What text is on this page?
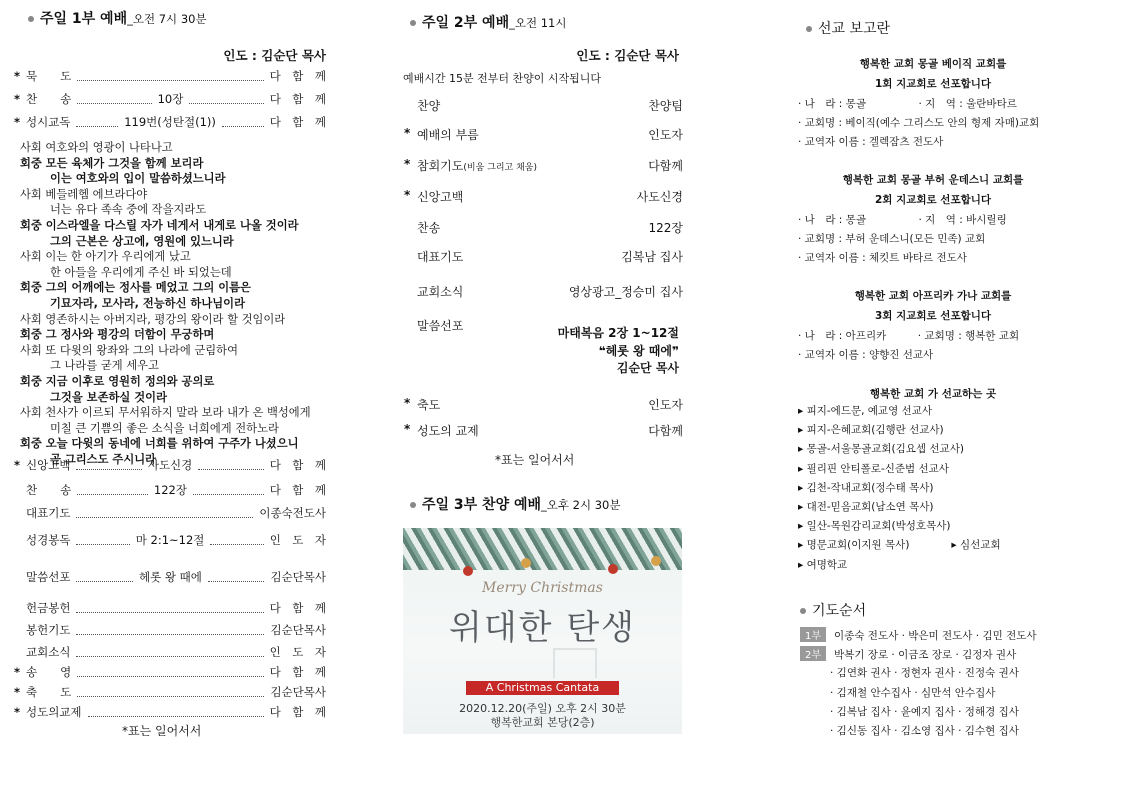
주일 1부 예배_오전 7시 30분
인도 : 김순단 목사
* 묵　　도	다　함　께
* 찬　　송	10장	다　함　께
* 성시교독	119번(성탄절(1))	다　함　께
사회 여호와의 영광이 나타나고
회중 모든 육체가 그것을 함께 보리라
이는 여호와의 입이 말씀하셨느니라
사회 베들레헴 에브라다야
너는 유다 족속 중에 작을지라도
회중 이스라엘을 다스릴 자가 네게서 내게로 나올 것이라
그의 근본은 상고에, 영원에 있느니라
사회 이는 한 아기가 우리에게 났고
한 아들을 우리에게 주신 바 되었는데
회중 그의 어깨에는 정사를 메었고 그의 이름은
기묘자라, 모사라, 전능하신 하나님이라
사회 영존하시는 아버지라, 평강의 왕이라 할 것임이라
회중 그 정사와 평강의 더함이 무궁하며
사회 또 다윗의 왕좌와 그의 나라에 군림하여
그 나라를 굳게 세우고
회중 지금 이후로 영원히 정의와 공의로
그것을 보존하실 것이라
사회 천사가 이르되 무서워하지 말라 보라 내가 온 백성에게
미칠 큰 기쁨의 좋은 소식을 너희에게 전하노라
회중 오늘 다윗의 동네에 너희를 위하여 구주가 나셨으니
곧 그리스도 주시니라
* 신앙고백	사도신경	다　함　께
찬　　송	122장	다　함　께
대표기도	이종숙전도사
성경봉독	마 2:1~12절	인　도　자
말씀선포	헤롯 왕 때에	김순단목사
헌금봉헌	다　함　께
봉헌기도	김순단목사
교회소식	인　도　자
* 송　　영	다　함　께
* 축　　도	김순단목사
* 성도의교제	다　함　께
*표는 일어서서
주일 2부 예배_오전 11시
인도 : 김순단 목사
예배시간 15분 전부터 찬양이 시작됩니다
찬양	찬양팀
* 예배의 부름	인도자
* 참회기도(비움 그리고 채움)	다함께
* 신앙고백	사도신경
찬송	122장
대표기도	김복남 집사
교회소식	영상광고_정승미 집사
말씀선포	마태복음 2장 1~12절
❝헤롯 왕 때에❞
김순단 목사
* 축도	인도자
* 성도의 교제	다함께
*표는 일어서서
주일 3부 찬양 예배_오후 2시 30분
Merry Christmas
위대한 탄생
A Christmas Cantata
2020.12.20(주일) 오후 2시 30분
행복한교회 본당(2층)
선교 보고란
행복한 교회 몽골 베이직 교회를
1회 지교회로 선포합니다
· 나　라 : 몽골　　　　　· 지　역 : 울란바타르
· 교회명 : 베이직(예수 그리스도 안의 형제 자매)교회
· 교역자 이름 : 겔렉잠츠 전도사
행복한 교회 몽골 부허 운데스니 교회를
2회 지교회로 선포합니다
· 나　라 : 몽골　　　　　· 지　역 : 바시릴링
· 교회명 : 부허 운데스니(모든 민족) 교회
· 교역자 이름 : 체킷트 바타르 전도사
행복한 교회 아프리카 가나 교회를
3회 지교회로 선포합니다
· 나　라 : 아프리카　　　· 교회명 : 행복한 교회
· 교역자 이름 : 양향진 선교사
행복한 교회 가 선교하는 곳
▸ 피지-에드문, 예교영 선교사
▸ 피지-은혜교회(김행란 선교사)
▸ 몽골-서울몽골교회(김요셉 선교사)
▸ 필리핀 안티폴로-신준범 선교사
▸ 김천-작내교회(정수태 목사)
▸ 대전-믿음교회(남소연 목사)
▸ 일산-목원감리교회(박성호목사)
▸ 명문교회(이지원 목사)　　　　▸ 심선교회
▸ 여명학교
기도순서
1부 이종숙 전도사 · 박은미 전도사 · 김민 전도사
2부 박복기 장로 · 이금조 장로 · 김정자 권사
· 김연화 권사 · 정현자 권사 · 진정숙 권사
· 김재철 안수집사 · 심만석 안수집사
· 김복남 집사 · 윤예지 집사 · 정해경 집사
· 김신동 집사 · 김소영 집사 · 김수현 집사
